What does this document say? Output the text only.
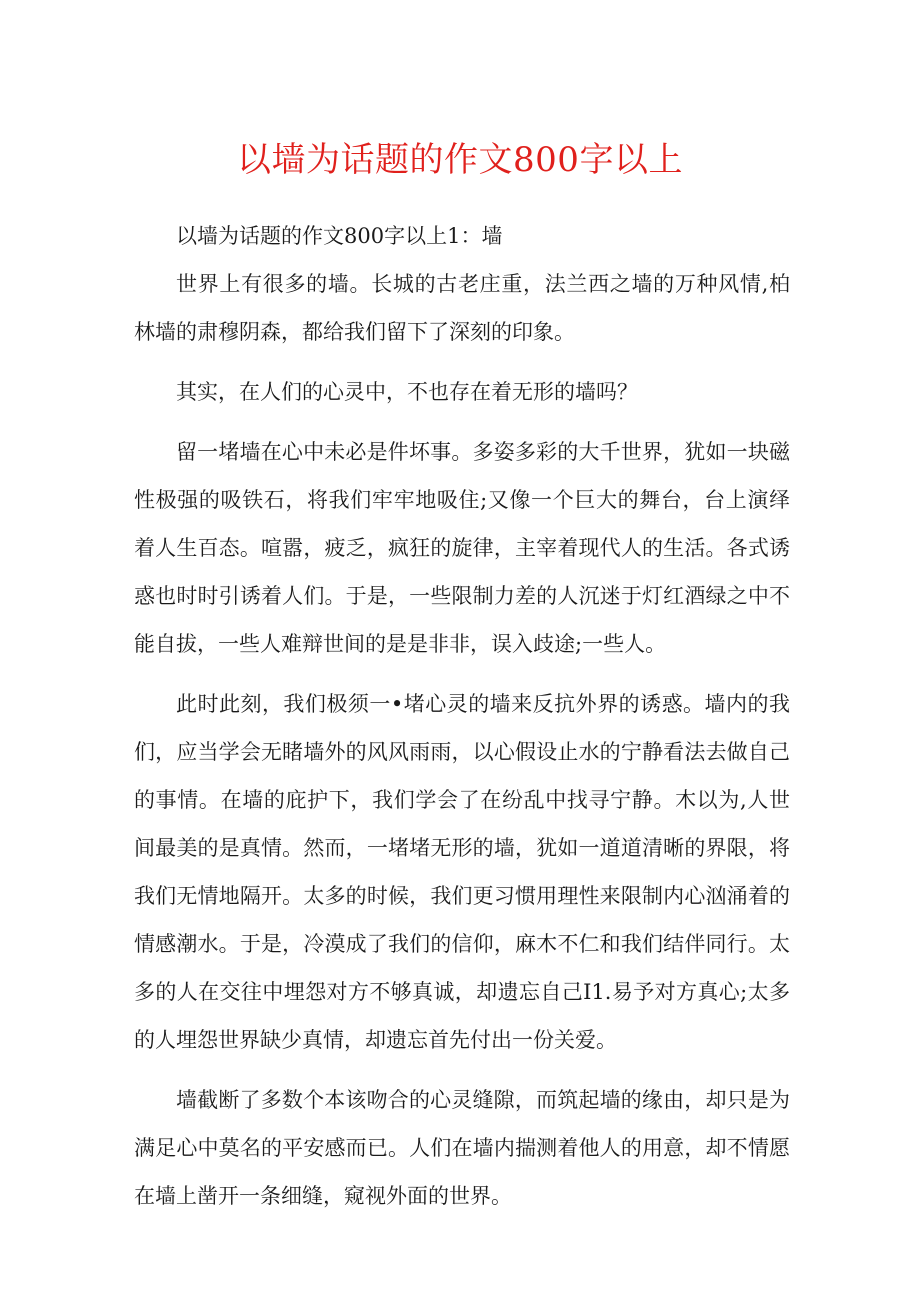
以墙为话题的作文800字以上

以墙为话题的作文800字以上1：墙

世界上有很多的墙。长城的古老庄重，法兰西之墙的万种风情,柏林墙的肃穆阴森，都给我们留下了深刻的印象。

其实，在人们的心灵中，不也存在着无形的墙吗？

留一堵墙在心中未必是件坏事。多姿多彩的大千世界，犹如一块磁性极强的吸铁石，将我们牢牢地吸住;又像一个巨大的舞台，台上演绎着人生百态。喧嚣，疲乏，疯狂的旋律，主宰着现代人的生活。各式诱惑也时时引诱着人们。于是，一些限制力差的人沉迷于灯红酒绿之中不能自拔，一些人难辩世间的是是非非，误入歧途;一些人。

此时此刻，我们极须一•堵心灵的墙来反抗外界的诱惑。墙内的我们，应当学会无睹墙外的风风雨雨，以心假设止水的宁静看法去做自己的事情。在墙的庇护下，我们学会了在纷乱中找寻宁静。木以为,人世间最美的是真情。然而，一堵堵无形的墙，犹如一道道清晰的界限，将我们无情地隔开。太多的时候，我们更习惯用理性来限制内心汹涌着的情感潮水。于是，冷漠成了我们的信仰，麻木不仁和我们结伴同行。太多的人在交往中埋怨对方不够真诚，却遗忘自己I1.易予对方真心;太多的人埋怨世界缺少真情，却遗忘首先付出一份关爱。

墙截断了多数个本该吻合的心灵缝隙，而筑起墙的缘由，却只是为满足心中莫名的平安感而已。人们在墙内揣测着他人的用意，却不情愿在墙上凿开一条细缝，窥视外面的世界。
